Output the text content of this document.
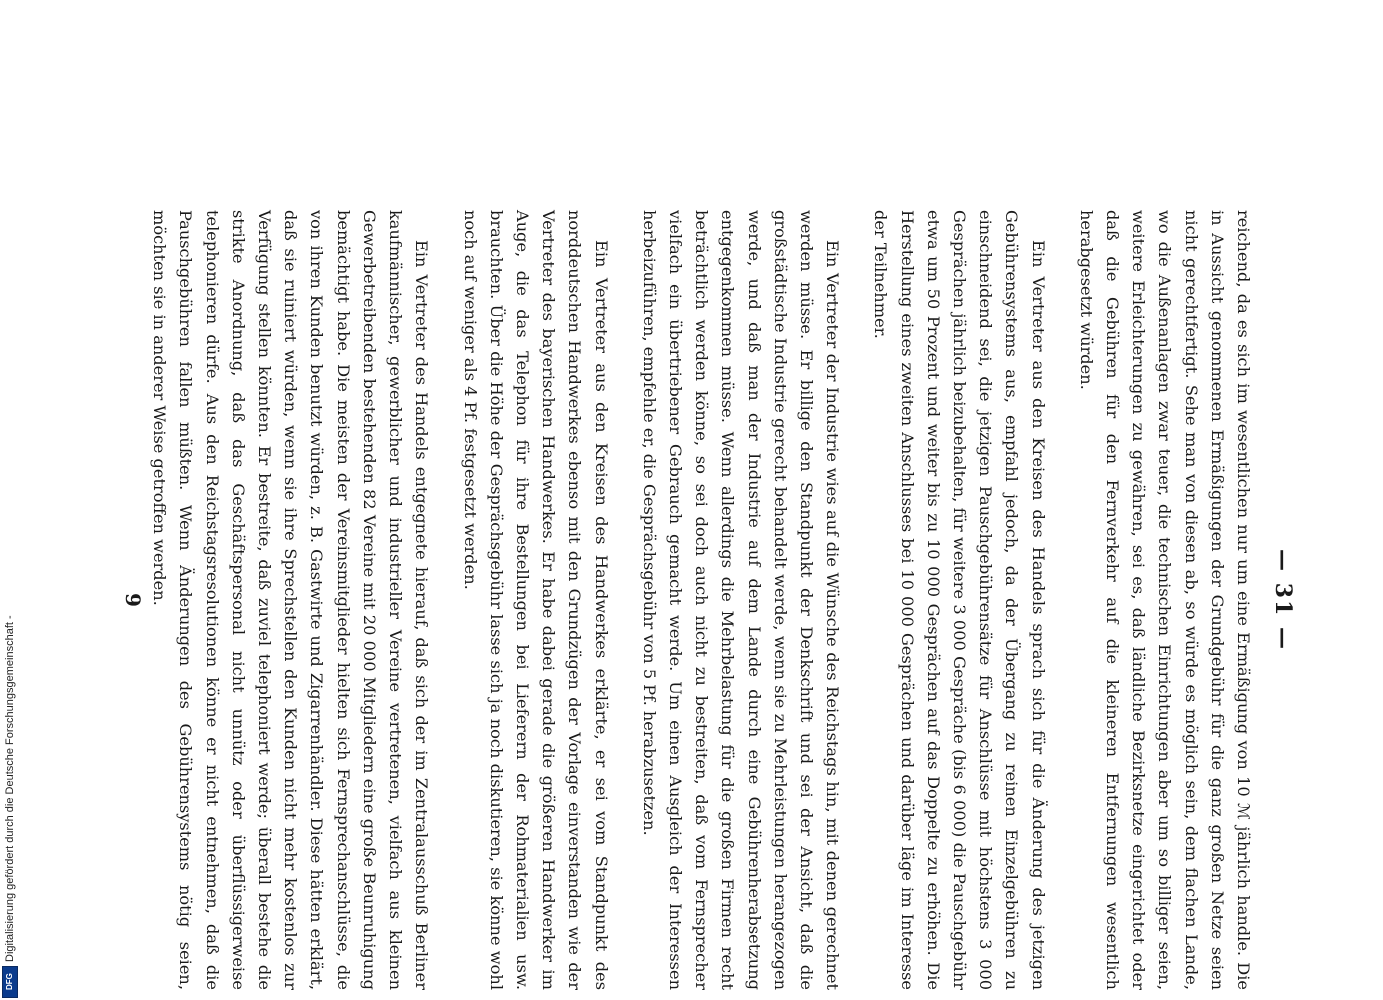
Digitalisierung gefördert durch die Deutsche Forschungsgemeinschaft -
DFG
— 31 —

reichend, da es sich im wesentlichen nur um eine Ermäßigung von 10 ℳ jährlich handle. Die in Aussicht genommenen Ermäßigungen der Grundgebühr für die ganz großen Netze seien nicht gerechtfertigt. Sehe man von diesen ab, so würde es möglich sein, dem flachen Lande, wo die Außenanlagen zwar teuer, die technischen Einrichtungen aber um so billiger seien, weitere Erleichterungen zu gewähren, sei es, daß ländliche Bezirksnetze eingerichtet oder daß die Gebühren für den Fernverkehr auf die kleineren Entfernungen wesentlich herabgesetzt würden.

Ein Vertreter aus den Kreisen des Handels sprach sich für die Änderung des jetzigen Gebührensystems aus, empfahl jedoch, da der Übergang zu reinen Einzelgebühren zu einschneidend sei, die jetzigen Pauschgebührensätze für Anschlüsse mit höchstens 3 000 Gesprächen jährlich beizubehalten, für weitere 3 000 Gespräche (bis 6 000) die Pauschgebühr etwa um 50 Prozent und weiter bis zu 10 000 Gesprächen auf das Doppelte zu erhöhen. Die Herstellung eines zweiten Anschlusses bei 10 000 Gesprächen und darüber läge im Interesse der Teilnehmer.

Ein Vertreter der Industrie wies auf die Wünsche des Reichstags hin, mit denen gerechnet werden müsse. Er billige den Standpunkt der Denkschrift und sei der Ansicht, daß die großstädtische Industrie gerecht behandelt werde, wenn sie zu Mehrleistungen herangezogen werde, und daß man der Industrie auf dem Lande durch eine Gebührenherabsetzung entgegenkommen müsse. Wenn allerdings die Mehrbelastung für die großen Firmen recht beträchtlich werden könne, so sei doch auch nicht zu bestreiten, daß vom Fernsprecher vielfach ein übertriebener Gebrauch gemacht werde. Um einen Ausgleich der Interessen herbeizuführen, empfehle er, die Gesprächsgebühr von 5 Pf. herabzusetzen.

Ein Vertreter aus den Kreisen des Handwerkes erklärte, er sei vom Standpunkt des norddeutschen Handwerkes ebenso mit den Grundzügen der Vorlage einverstanden wie der Vertreter des bayerischen Handwerkes. Er habe dabei gerade die größeren Handwerker im Auge, die das Telephon für ihre Bestellungen bei Lieferern der Rohmaterialien usw. brauchten. Über die Höhe der Gesprächsgebühr lasse sich ja noch diskutieren, sie könne wohl noch auf weniger als 4 Pf. festgesetzt werden.

Ein Vertreter des Handels entgegnete hierauf, daß sich der im Zentralausschuß Berliner kaufmännischer, gewerblicher und industrieller Vereine vertretenen, vielfach aus kleinen Gewerbetreibenden bestehenden 82 Vereine mit 20 000 Mitgliedern eine große Beunruhigung bemächtigt habe. Die meisten der Vereinsmitglieder hielten sich Fernsprechanschlüsse, die von ihren Kunden benutzt würden, z. B. Gastwirte und Zigarrenhändler. Diese hätten erklärt, daß sie ruiniert würden, wenn sie ihre Sprechstellen den Kunden nicht mehr kostenlos zur Verfügung stellen könnten. Er bestreite, daß zuviel telephoniert werde; überall bestehe die strikte Anordnung, daß das Geschäftspersonal nicht unnütz oder überflüssigerweise telephonieren dürfe. Aus den Reichstagsresolutionen könne er nicht entnehmen, daß die Pauschgebühren fallen müßten. Wenn Änderungen des Gebührensystems nötig seien, möchten sie in anderer Weise getroffen werden.

9
